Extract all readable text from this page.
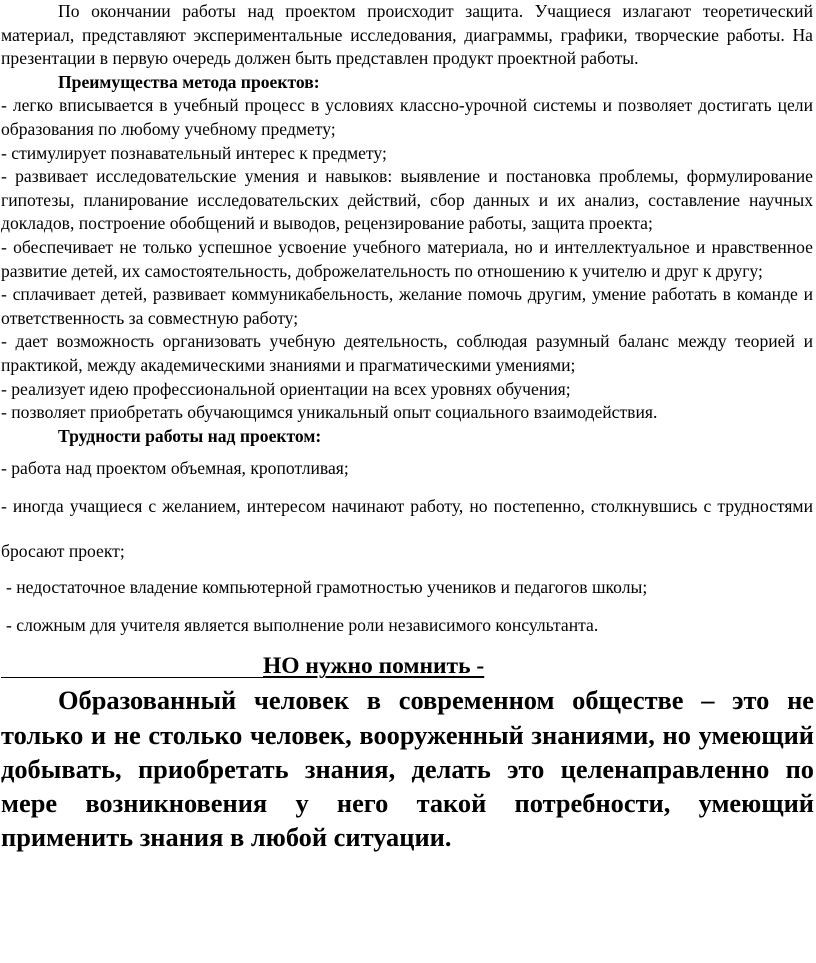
По окончании работы над проектом происходит защита. Учащиеся излагают теоретический материал, представляют экспериментальные исследования, диаграммы, графики, творческие работы. На презентации в первую очередь должен быть представлен продукт проектной работы.

Преимущества метода проектов:

- легко вписывается в учебный процесс в условиях классно-урочной системы и позволяет достигать цели образования по любому учебному предмету;

- стимулирует познавательный интерес к предмету;

- развивает исследовательские умения и навыков: выявление и постановка проблемы, формулирование гипотезы, планирование исследовательских действий, сбор данных и их анализ, составление научных докладов, построение обобщений и выводов, рецензирование работы, защита проекта;

- обеспечивает не только успешное усвоение учебного материала, но и интеллектуальное и нравственное развитие детей, их самостоятельность, доброжелательность по отношению к учителю и друг к другу;

- сплачивает детей, развивает коммуникабельность, желание помочь другим, умение работать в команде и ответственность за совместную работу;

- дает возможность организовать учебную деятельность, соблюдая разумный баланс между теорией и практикой, между академическими знаниями и прагматическими умениями;

- реализует идею профессиональной ориентации на всех уровнях обучения;

- позволяет приобретать обучающимся уникальный опыт социального взаимодействия.

Трудности работы над проектом:

- работа над проектом объемная, кропотливая;

- иногда учащиеся с желанием, интересом начинают работу, но постепенно, столкнувшись с трудностями бросают проект;

- недостаточное владение компьютерной грамотностью учеников и педагогов школы;

- сложным для учителя является выполнение роли независимого консультанта.

НО нужно помнить -

Образованный человек в современном обществе – это не только и не столько человек, вооруженный знаниями, но умеющий добывать, приобретать знания, делать это целенаправленно по мере возникновения у него такой потребности, умеющий применить знания в любой ситуации.
